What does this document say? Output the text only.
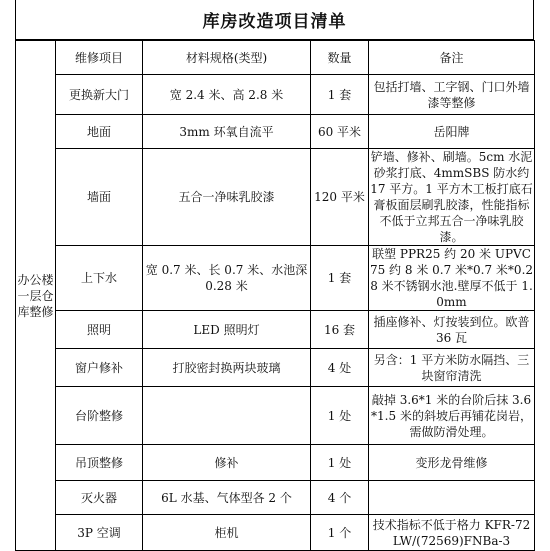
库房改造项目清单
办公楼一层仓库整修	维修项目	材料规格(类型)	数量	备注
	更换新大门	宽 2.4 米、高 2.8 米	1 套	包括打墙、工字钢、门口外墙漆等整修

	地面	3mm 环氧自流平	60 平米	岳阳牌

	墙面	五合一净味乳胶漆	120 平米	铲墙、修补、刷墙。5cm 水泥砂浆打底、4mmSBS 防水约 17 平方。1 平方木工板打底石膏板面层刷乳胶漆，性能指标不低于立邦五合一净味乳胶漆。

	上下水	宽 0.7 米、长 0.7 米、水池深 0.28 米	1 套	联塑 PPR25 约 20 米 UPVC75 约 8 米 0.7 米*0.7 米*0.28 米不锈钢水池.壁厚不低于 1.0mm

	照明	LED 照明灯	16 套	插座修补、灯按装到位。欧普 36 瓦

	窗户修补	打胶密封换两块玻璃	4 处	另含：1 平方米防水隔挡、三块窗帘清洗

	台阶整修		1 处	敲掉 3.6*1 米的台阶后抹 3.6*1.5 米的斜坡后再铺花岗岩，需做防滑处理。

	吊顶整修	修补	1 处	变形龙骨维修

	灭火器	6L 水基、气体型各 2 个	4 个	

	3P 空调	柜机	1 个	技术指标不低于格力 KFR-72LW/(72569)FNBa-3
